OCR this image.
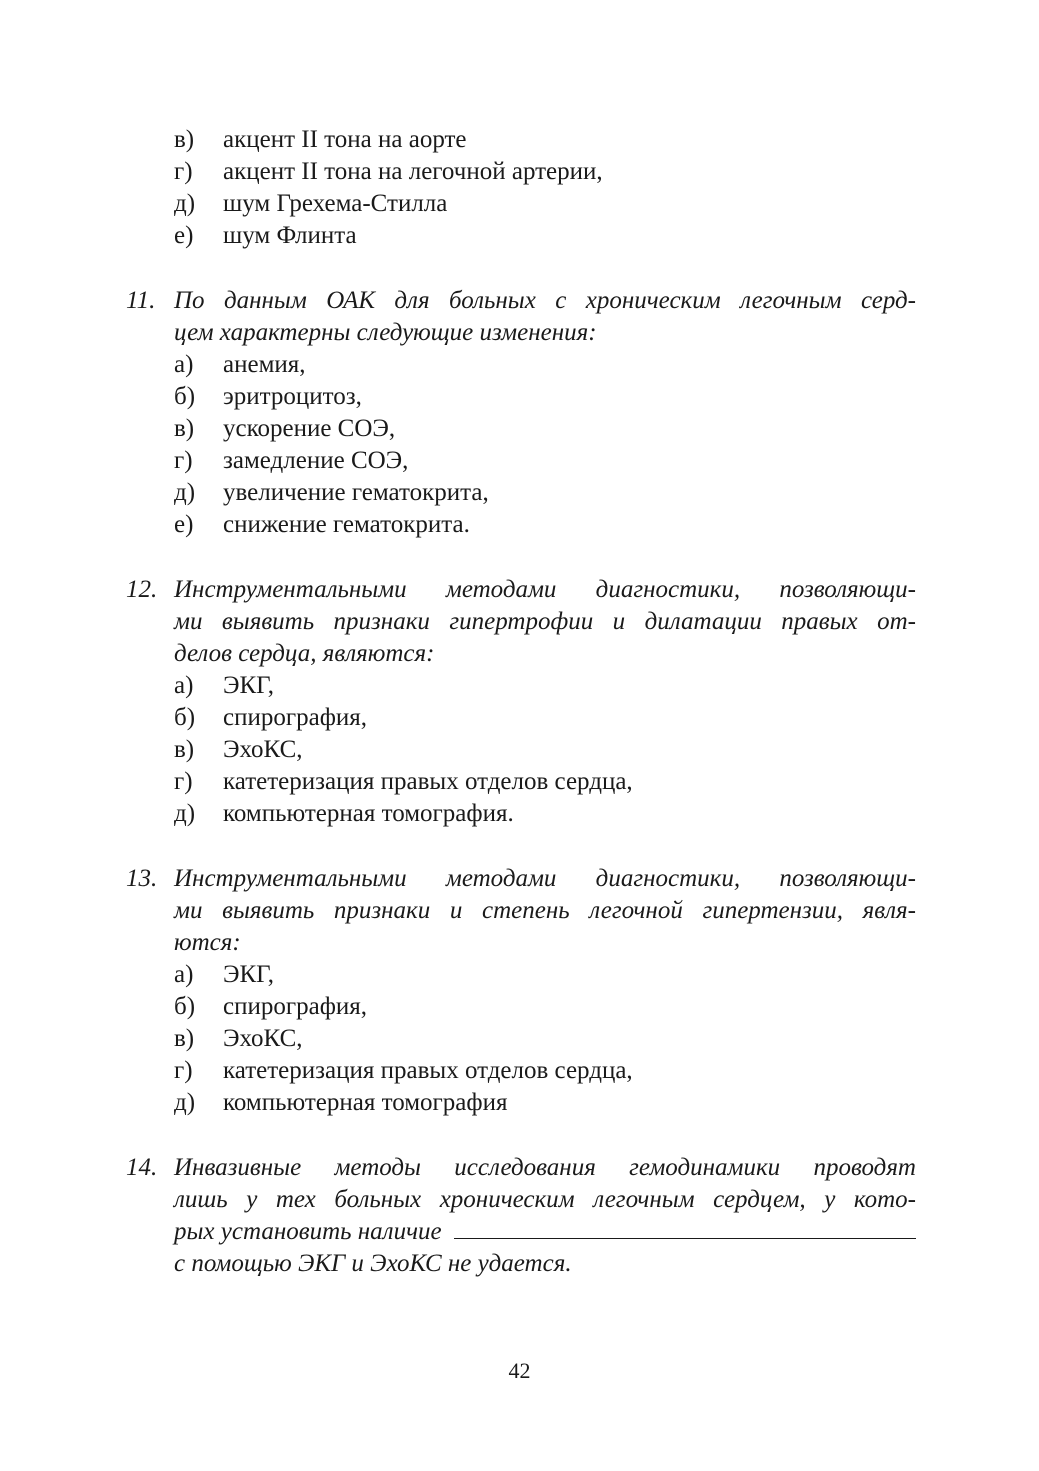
в)	акцент II тона на аорте
г)	акцент II тона на легочной артерии,
д)	шум Грехема-Стилла
е)	шум Флинта
11. По данным ОАК для больных с хроническим легочным серд-
цем характерны следующие изменения:
а)	анемия,
б)	эритроцитоз,
в)	ускорение СОЭ,
г)	замедление СОЭ,
д)	увеличение гематокрита,
е)	снижение гематокрита.
12. Инструментальными методами диагностики, позволяющи-
ми выявить признаки гипертрофии и дилатации правых от-
делов сердца, являются:
а)	ЭКГ,
б)	спирография,
в)	ЭхоКС,
г)	катетеризация правых отделов сердца,
д)	компьютерная томография.
13. Инструментальными методами диагностики, позволяющи-
ми выявить признаки и степень легочной гипертензии, явля-
ются:
а)	ЭКГ,
б)	спирография,
в)	ЭхоКС,
г)	катетеризация правых отделов сердца,
д)	компьютерная томография
14. Инвазивные методы исследования гемодинамики проводят
лишь у тех больных хроническим легочным сердцем, у кото-
рых установить наличие
с помощью ЭКГ и ЭхоКС не удается.
42
